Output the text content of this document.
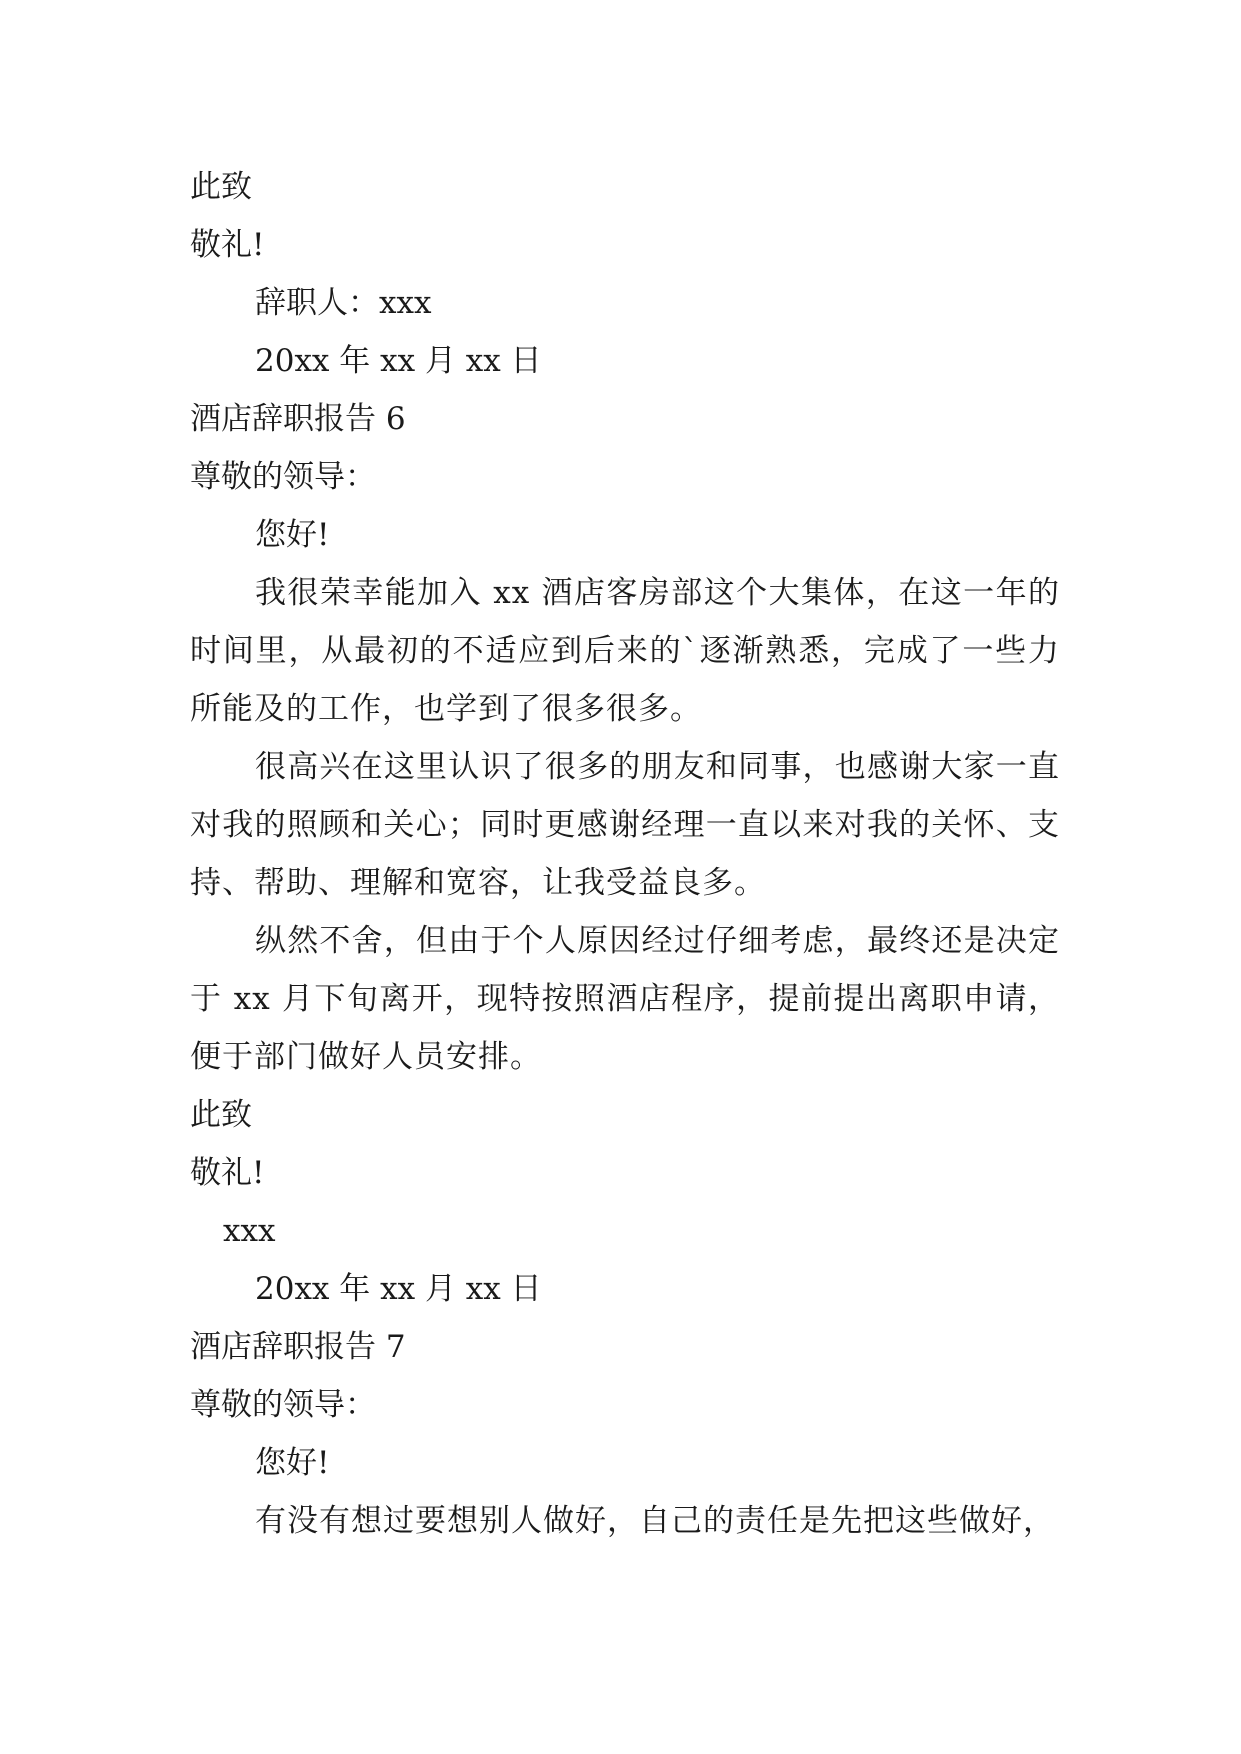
此致
敬礼!
辞职人：xxx
20xx 年 xx 月 xx 日
酒店辞职报告 6
尊敬的领导：
您好!
我很荣幸能加入 xx 酒店客房部这个大集体，在这一年的时间里，从最初的不适应到后来的`逐渐熟悉，完成了一些力所能及的工作，也学到了很多很多。
很高兴在这里认识了很多的朋友和同事，也感谢大家一直对我的照顾和关心；同时更感谢经理一直以来对我的关怀、支持、帮助、理解和宽容，让我受益良多。
纵然不舍，但由于个人原因经过仔细考虑，最终还是决定于 xx 月下旬离开，现特按照酒店程序，提前提出离职申请，便于部门做好人员安排。
此致
敬礼!
xxx
20xx 年 xx 月 xx 日
酒店辞职报告 7
尊敬的领导：
您好!
有没有想过要想别人做好，自己的责任是先把这些做好，
